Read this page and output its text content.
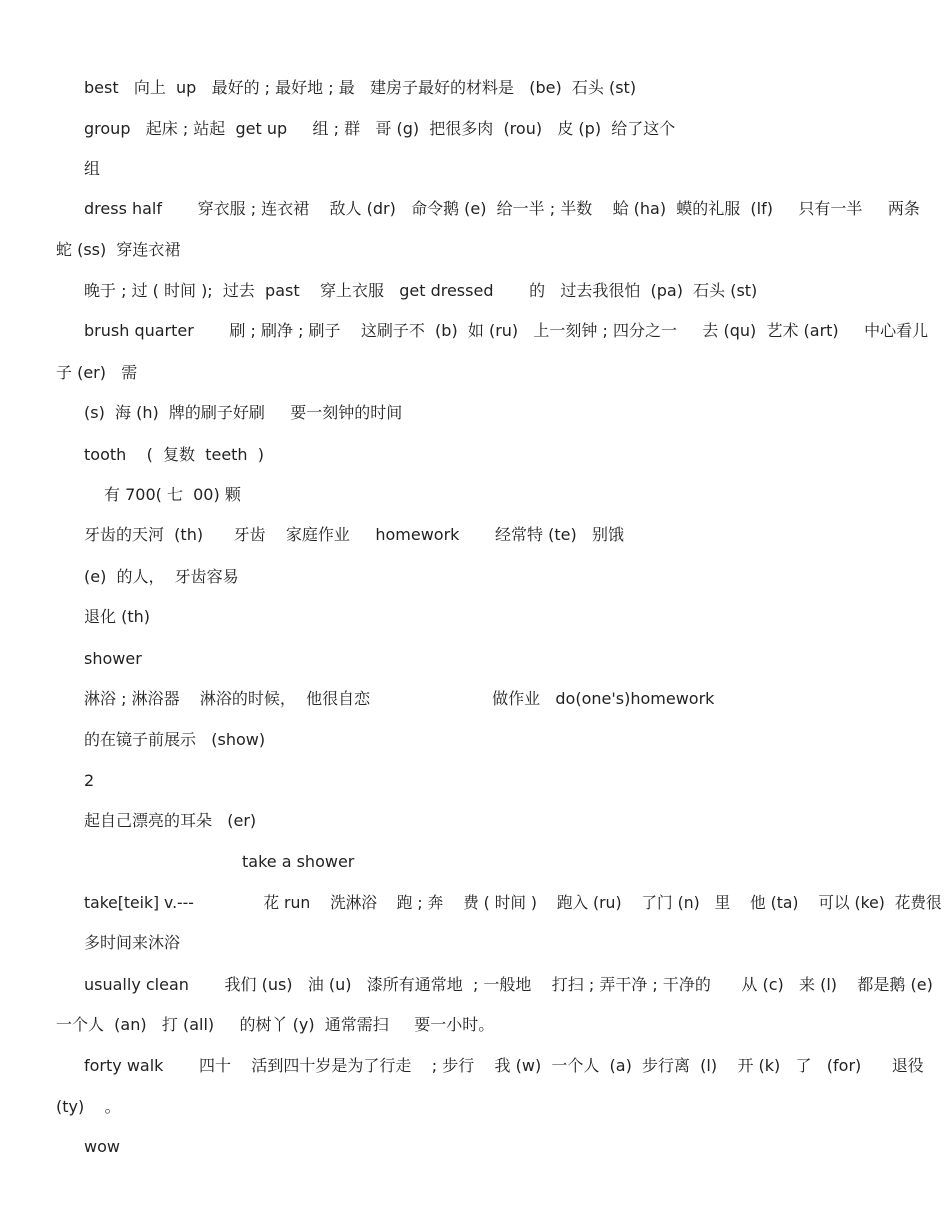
best   向上  up   最好的 ; 最好地 ; 最   建房子最好的材料是   (be)  石头 (st)

group   起床 ; 站起  get up     组 ; 群   哥 (g)  把很多肉  (rou)   皮 (p)  给了这个

组

dress half       穿衣服 ; 连衣裙    敌人 (dr)   命令鹅 (e)  给一半 ; 半数    蛤 (ha)  蟆的礼服  (lf)     只有一半     两条

蛇 (ss)  穿连衣裙

晚于 ; 过 ( 时间 );  过去  past    穿上衣服   get dressed       的   过去我很怕  (pa)  石头 (st)

brush quarter       刷 ; 刷净 ; 刷子    这刷子不  (b)  如 (ru)   上一刻钟 ; 四分之一     去 (qu)  艺术 (art)     中心看儿

子 (er)   需

(s)  海 (h)  牌的刷子好刷     要一刻钟的时间

tooth    (  复数  teeth  )

有 700( 七  00) 颗

牙齿的天河  (th)      牙齿    家庭作业     homework       经常特 (te)   别饿

(e)  的人，  牙齿容易

退化 (th)

shower

淋浴 ; 淋浴器    淋浴的时候，  他很自恋                        做作业   do(one's)homework

的在镜子前展示   (show)

2

起自己漂亮的耳朵   (er)

take a shower

take[teik] v.---              花 run    洗淋浴    跑 ; 奔    费 ( 时间 )    跑入 (ru)    了门 (n)   里    他 (ta)    可以 (ke)  花费很

多时间来沐浴

usually clean       我们 (us)   油 (u)   漆所有通常地  ; 一般地    打扫 ; 弄干净 ; 干净的      从 (c)   来 (l)    都是鹅 (e)

一个人  (an)   打 (all)     的树丫 (y)  通常需扫     要一小时。

forty walk       四十    活到四十岁是为了行走    ; 步行    我 (w)  一个人  (a)  步行离  (l)    开 (k)   了   (for)      退役

(ty)    。

wow
